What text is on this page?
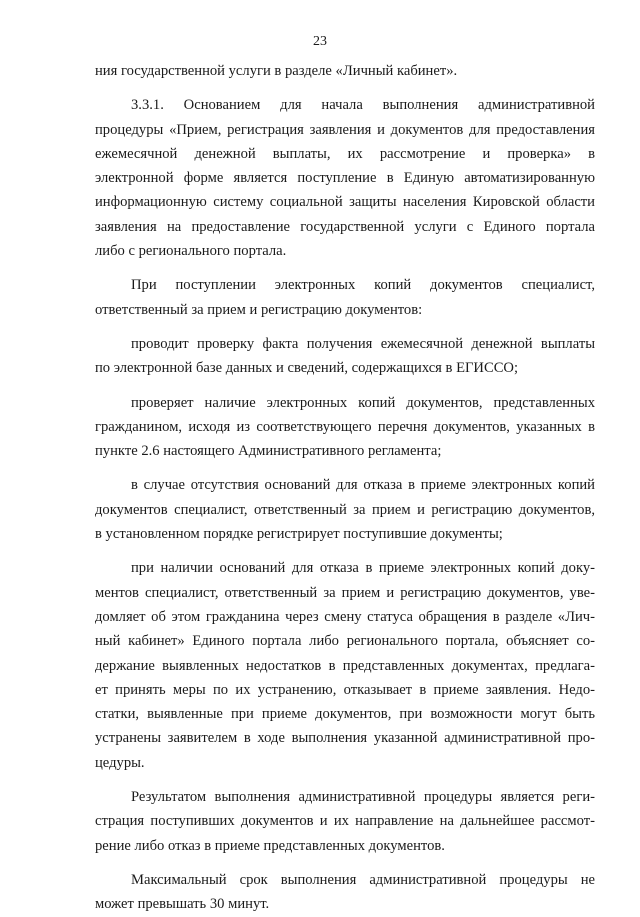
23
ния государственной услуги в разделе «Личный кабинет».
3.3.1. Основанием для начала выполнения административной
процедуры «Прием, регистрация заявления и документов для предоставления
ежемесячной денежной выплаты, их рассмотрение и проверка» в
электронной форме является поступление в Единую автоматизированную
информационную систему социальной защиты населения Кировской области
заявления на предоставление государственной услуги с Единого портала
либо с регионального портала.
При поступлении электронных копий документов специалист,
ответственный за прием и регистрацию документов:
проводит проверку факта получения ежемесячной денежной выплаты
по электронной базе данных и сведений, содержащихся в ЕГИССО;
проверяет наличие электронных копий документов, представленных
гражданином, исходя из соответствующего перечня документов, указанных в
пункте 2.6 настоящего Административного регламента;
в случае отсутствия оснований для отказа в приеме электронных копий
документов специалист, ответственный за прием и регистрацию документов,
в установленном порядке регистрирует поступившие документы;
при наличии оснований для отказа в приеме электронных копий доку-
ментов специалист, ответственный за прием и регистрацию документов, уве-
домляет об этом гражданина через смену статуса обращения в разделе «Лич-
ный кабинет» Единого портала либо регионального портала, объясняет со-
держание выявленных недостатков в представленных документах, предлага-
ет принять меры по их устранению, отказывает в приеме заявления. Недо-
статки, выявленные при приеме документов, при возможности могут быть
устранены заявителем в ходе выполнения указанной административной про-
цедуры.
Результатом выполнения административной процедуры является реги-
страция поступивших документов и их направление на дальнейшее рассмот-
рение либо отказ в приеме представленных документов.
Максимальный срок выполнения административной процедуры не
может превышать 30 минут.
